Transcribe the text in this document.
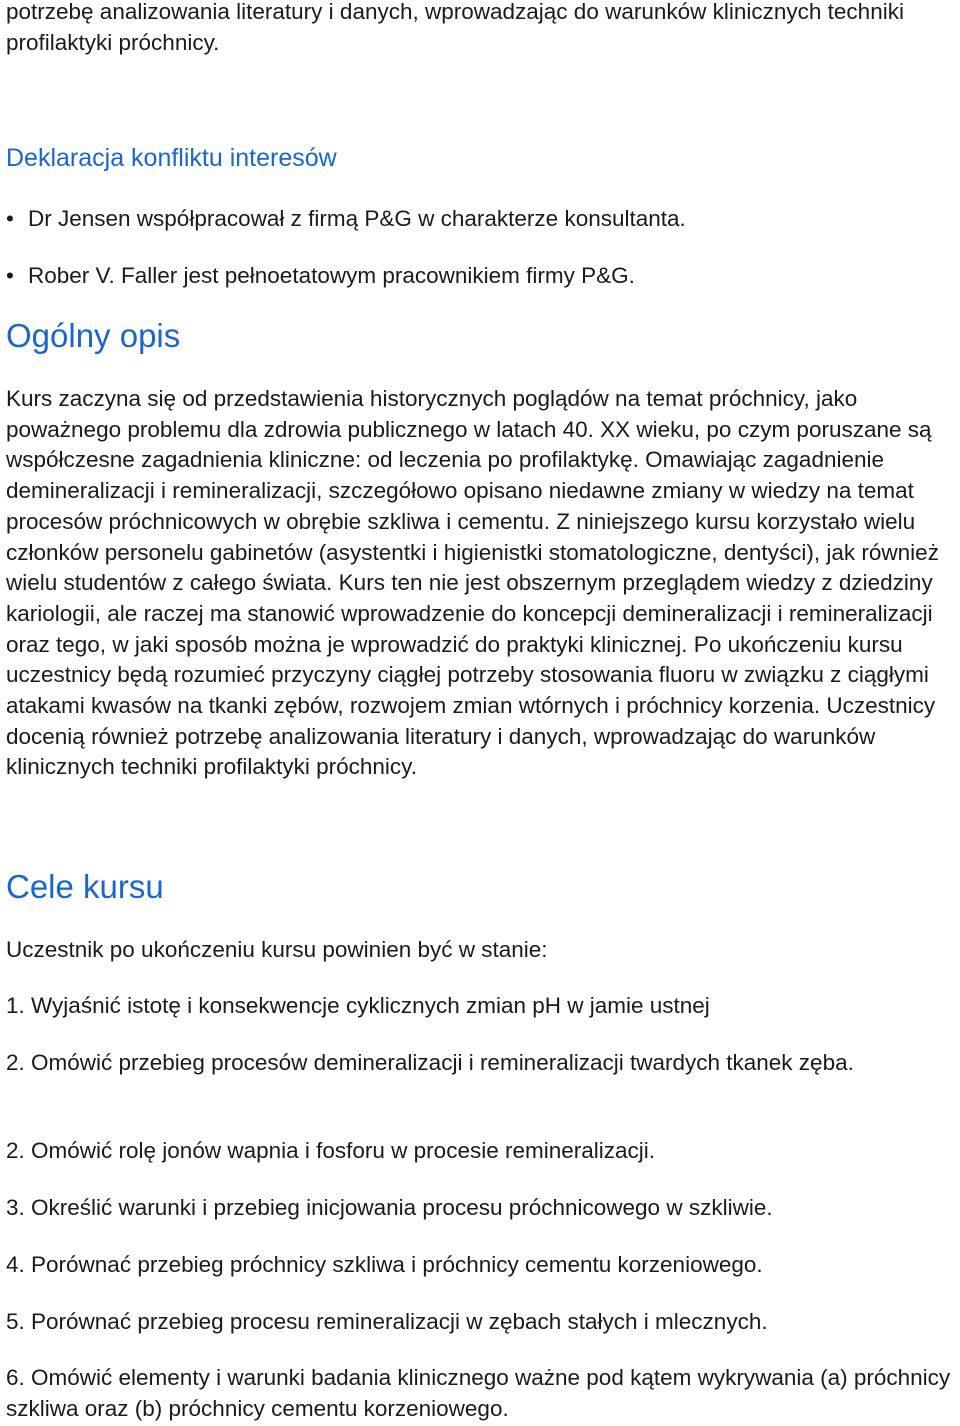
potrzebę analizowania literatury i danych, wprowadzając do warunków klinicznych techniki profilaktyki próchnicy.

Deklaracja konfliktu interesów

• Dr Jensen współpracował z firmą P&G w charakterze konsultanta.

• Rober V. Faller jest pełnoetatowym pracownikiem firmy P&G.

Ogólny opis

Kurs zaczyna się od przedstawienia historycznych poglądów na temat próchnicy, jako poważnego problemu dla zdrowia publicznego w latach 40. XX wieku, po czym poruszane są współczesne zagadnienia kliniczne: od leczenia po profilaktykę. Omawiając zagadnienie demineralizacji i remineralizacji, szczegółowo opisano niedawne zmiany w wiedzy na temat procesów próchnicowych w obrębie szkliwa i cementu. Z niniejszego kursu korzystało wielu członków personelu gabinetów (asystentki i higienistki stomatologiczne, dentyści), jak również wielu studentów z całego świata. Kurs ten nie jest obszernym przeglądem wiedzy z dziedziny kariologii, ale raczej ma stanowić wprowadzenie do koncepcji demineralizacji i remineralizacji oraz tego, w jaki sposób można je wprowadzić do praktyki klinicznej. Po ukończeniu kursu uczestnicy będą rozumieć przyczyny ciągłej potrzeby stosowania fluoru w związku z ciągłymi atakami kwasów na tkanki zębów, rozwojem zmian wtórnych i próchnicy korzenia. Uczestnicy docenią również potrzebę analizowania literatury i danych, wprowadzając do warunków klinicznych techniki profilaktyki próchnicy.

Cele kursu

Uczestnik po ukończeniu kursu powinien być w stanie:

1. Wyjaśnić istotę i konsekwencje cyklicznych zmian pH w jamie ustnej

2. Omówić przebieg procesów demineralizacji i remineralizacji twardych tkanek zęba.

2. Omówić rolę jonów wapnia i fosforu w procesie remineralizacji.

3. Określić warunki i przebieg inicjowania procesu próchnicowego w szkliwie.

4. Porównać przebieg próchnicy szkliwa i próchnicy cementu korzeniowego.

5. Porównać przebieg procesu remineralizacji w zębach stałych i mlecznych.

6. Omówić elementy i warunki badania klinicznego ważne pod kątem wykrywania (a) próchnicy szkliwa oraz (b) próchnicy cementu korzeniowego.
